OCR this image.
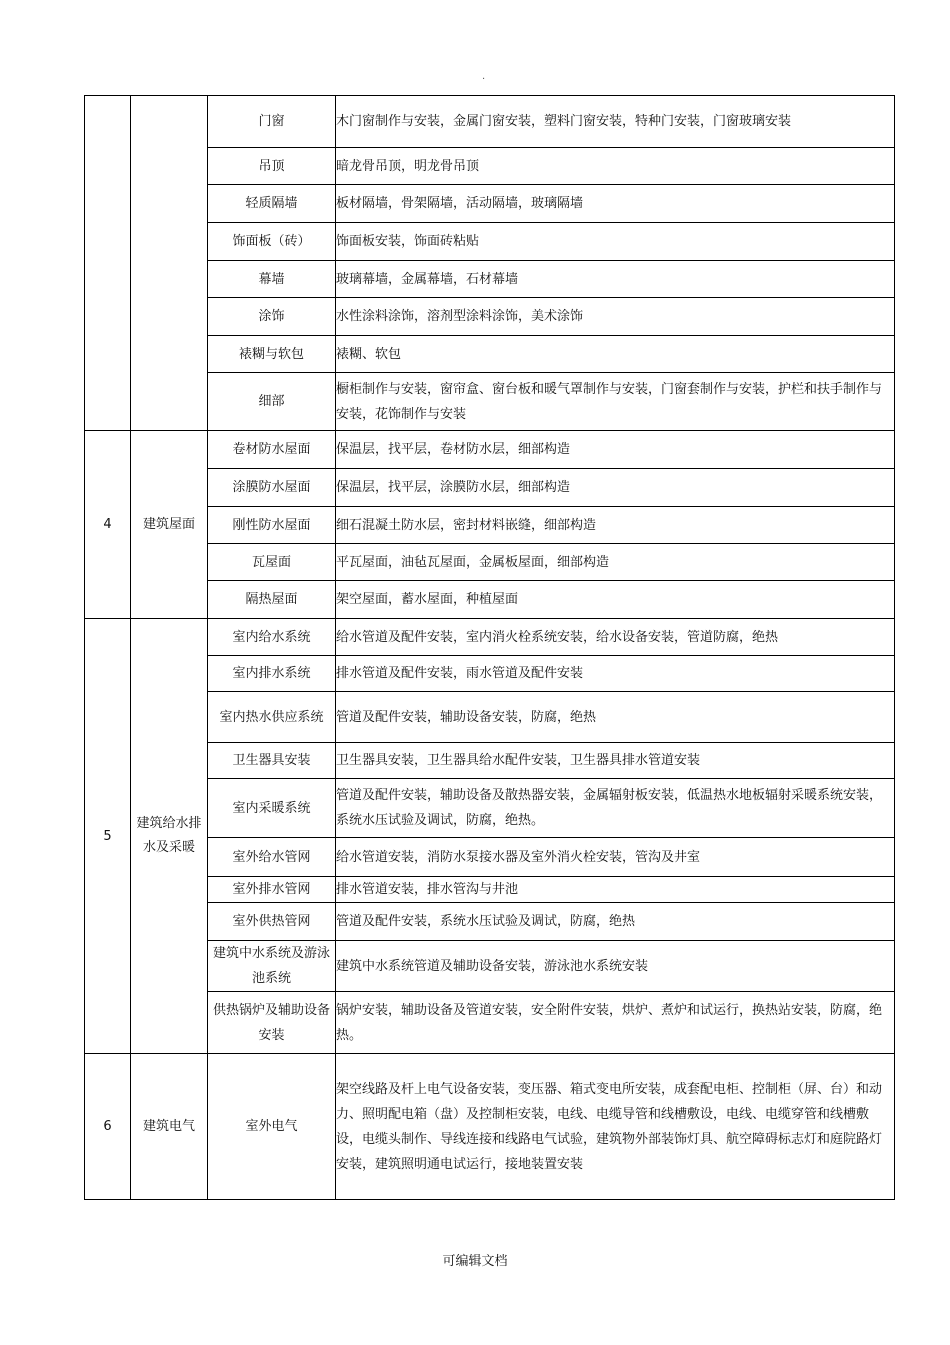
.
		门窗	木门窗制作与安装，金属门窗安装，塑料门窗安装，特种门安装，门窗玻璃安装
		吊顶	暗龙骨吊顶，明龙骨吊顶
		轻质隔墙	板材隔墙，骨架隔墙，活动隔墙，玻璃隔墙
		饰面板（砖）	饰面板安装，饰面砖粘贴
		幕墙	玻璃幕墙，金属幕墙，石材幕墙
		涂饰	水性涂料涂饰，溶剂型涂料涂饰，美术涂饰
		裱糊与软包	裱糊、软包
		细部	橱柜制作与安装，窗帘盒、窗台板和暖气罩制作与安装，门窗套制作与安装，护栏和扶手制作与安装，花饰制作与安装
4	建筑屋面	卷材防水屋面	保温层，找平层，卷材防水层，细部构造
		涂膜防水屋面	保温层，找平层，涂膜防水层，细部构造
		刚性防水屋面	细石混凝土防水层，密封材料嵌缝，细部构造
		瓦屋面	平瓦屋面，油毡瓦屋面，金属板屋面，细部构造
		隔热屋面	架空屋面，蓄水屋面，种植屋面
5	建筑给水排水及采暖	室内给水系统	给水管道及配件安装，室内消火栓系统安装，给水设备安装，管道防腐，绝热
		室内排水系统	排水管道及配件安装，雨水管道及配件安装
		室内热水供应系统	管道及配件安装，辅助设备安装，防腐，绝热
		卫生器具安装	卫生器具安装，卫生器具给水配件安装，卫生器具排水管道安装
		室内采暖系统	管道及配件安装，辅助设备及散热器安装，金属辐射板安装，低温热水地板辐射采暖系统安装，系统水压试验及调试，防腐，绝热。
		室外给水管网	给水管道安装，消防水泵接水器及室外消火栓安装，管沟及井室
		室外排水管网	排水管道安装，排水管沟与井池
		室外供热管网	管道及配件安装，系统水压试验及调试，防腐，绝热
		建筑中水系统及游泳池系统	建筑中水系统管道及辅助设备安装，游泳池水系统安装
		供热锅炉及辅助设备安装	锅炉安装，辅助设备及管道安装，安全附件安装，烘炉、煮炉和试运行，换热站安装，防腐，绝热。
6	建筑电气	室外电气	架空线路及杆上电气设备安装，变压器、箱式变电所安装，成套配电柜、控制柜（屏、台）和动力、照明配电箱（盘）及控制柜安装，电线、电缆导管和线槽敷设，电线、电缆穿管和线槽敷设，电缆头制作、导线连接和线路电气试验，建筑物外部装饰灯具、航空障碍标志灯和庭院路灯安装，建筑照明通电试运行，接地装置安装
可编辑文档
